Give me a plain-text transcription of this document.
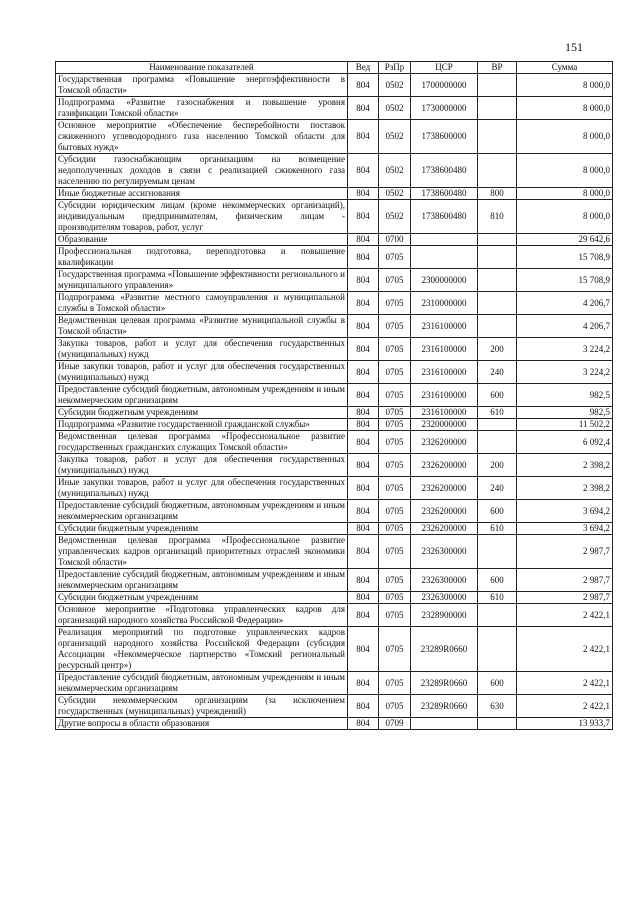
151
Наименование показателей	Вед	РзПр	ЦСР	ВР	Сумма
Государственная программа «Повышение энергоэффективности в Томской области»	804	0502	1700000000		8 000,0
Подпрограмма «Развитие газоснабжения и повышение уровня газификации Томской области»	804	0502	1730000000		8 000,0
Основное мероприятие «Обеспечение бесперебойности поставок сжиженного углеводородного газа населению Томской области для бытовых нужд»	804	0502	1738600000		8 000,0
Субсидии газоснабжающим организациям на возмещение недополученных доходов в связи с реализацией сжиженного газа населению по регулируемым ценам	804	0502	1738600480		8 000,0
Иные бюджетные ассигнования	804	0502	1738600480	800	8 000,0
Субсидии юридическим лицам (кроме некоммерческих организаций), индивидуальным предпринимателям, физическим лицам - производителям товаров, работ, услуг	804	0502	1738600480	810	8 000,0
Образование	804	0700			29 642,6
Профессиональная подготовка, переподготовка и повышение квалификации	804	0705			15 708,9
Государственная программа «Повышение эффективности регионального и муниципального управления»	804	0705	2300000000		15 708,9
Подпрограмма «Развитие местного самоуправления и муниципальной службы в Томской области»	804	0705	2310000000		4 206,7
Ведомственная целевая программа «Развитие муниципальной службы в Томской области»	804	0705	2316100000		4 206,7
Закупка товаров, работ и услуг для обеспечения государственных (муниципальных) нужд	804	0705	2316100000	200	3 224,2
Иные закупки товаров, работ и услуг для обеспечения государственных (муниципальных) нужд	804	0705	2316100000	240	3 224,2
Предоставление субсидий бюджетным, автономным учреждениям и иным некоммерческим организациям	804	0705	2316100000	600	982,5
Субсидии бюджетным учреждениям	804	0705	2316100000	610	982,5
Подпрограмма «Развитие государственной гражданской службы»	804	0705	2320000000		11 502,2
Ведомственная целевая программа «Профессиональное развитие государственных гражданских служащих Томской области»	804	0705	2326200000		6 092,4
Закупка товаров, работ и услуг для обеспечения государственных (муниципальных) нужд	804	0705	2326200000	200	2 398,2
Иные закупки товаров, работ и услуг для обеспечения государственных (муниципальных) нужд	804	0705	2326200000	240	2 398,2
Предоставление субсидий бюджетным, автономным учреждениям и иным некоммерческим организациям	804	0705	2326200000	600	3 694,2
Субсидии бюджетным учреждениям	804	0705	2326200000	610	3 694,2
Ведомственная целевая программа «Профессиональное развитие управленческих кадров организаций приоритетных отраслей экономики Томской области»	804	0705	2326300000		2 987,7
Предоставление субсидий бюджетным, автономным учреждениям и иным некоммерческим организациям	804	0705	2326300000	600	2 987,7
Субсидии бюджетным учреждениям	804	0705	2326300000	610	2 987,7
Основное мероприятие «Подготовка управленческих кадров для организаций народного хозяйства Российской Федерации»	804	0705	2328900000		2 422,1
Реализация мероприятий по подготовке управленческих кадров организаций народного хозяйства Российской Федерации (субсидия Ассоциации «Некоммерческое партнерство «Томский региональный ресурсный центр»)	804	0705	23289R0660		2 422,1
Предоставление субсидий бюджетным, автономным учреждениям и иным некоммерческим организациям	804	0705	23289R0660	600	2 422,1
Субсидии некоммерческим организациям (за исключением государственных (муниципальных) учреждений)	804	0705	23289R0660	630	2 422,1
Другие вопросы в области образования	804	0709			13 933,7
